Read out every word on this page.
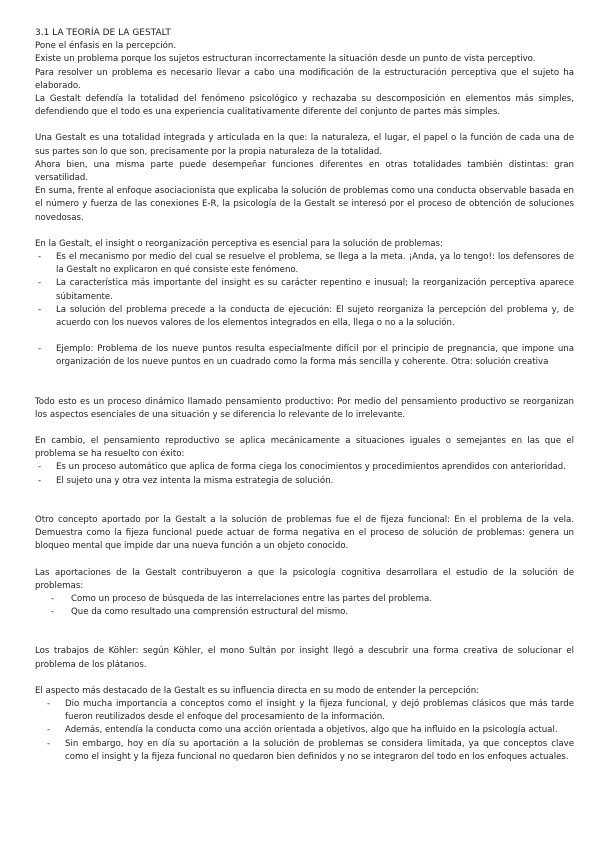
3.1 LA TEORÍA DE LA GESTALT

Pone el énfasis en la percepción.

Existe un problema porque los sujetos estructuran incorrectamente la situación desde un punto de vista perceptivo.

Para resolver un problema es necesario llevar a cabo una modificación de la estructuración perceptiva que el sujeto ha elaborado.

La Gestalt defendía la totalidad del fenómeno psicológico y rechazaba su descomposición en elementos más simples, defendiendo que el todo es una experiencia cualitativamente diferente del conjunto de partes más simples.

Una Gestalt es una totalidad integrada y articulada en la que: la naturaleza, el lugar, el papel o la función de cada una de sus partes son lo que son, precisamente por la propia naturaleza de la totalidad.

Ahora bien, una misma parte puede desempeñar funciones diferentes en otras totalidades también distintas: gran versatilidad.

En suma, frente al enfoque asociacionista que explicaba la solución de problemas como una conducta observable basada en el número y fuerza de las conexiones E-R, la psicología de la Gestalt se interesó por el proceso de obtención de soluciones novedosas.

En la Gestalt, el insight o reorganización perceptiva es esencial para la solución de problemas:

- Es el mecanismo por medio del cual se resuelve el problema, se llega a la meta. ¡Anda, ya lo tengo!: los defensores de la Gestalt no explicaron en qué consiste este fenómeno.
- La característica más importante del insight es su carácter repentino e inusual; la reorganización perceptiva aparece súbitamente.
- La solución del problema precede a la conducta de ejecución: El sujeto reorganiza la percepción del problema y, de acuerdo con los nuevos valores de los elementos integrados en ella, llega o no a la solución.
- Ejemplo: Problema de los nueve puntos resulta especialmente difícil por el principio de pregnancia, que impone una organización de los nueve puntos en un cuadrado como la forma más sencilla y coherente. Otra: solución creativa

Todo esto es un proceso dinámico llamado pensamiento productivo: Por medio del pensamiento productivo se reorganizan los aspectos esenciales de una situación y se diferencia lo relevante de lo irrelevante.

En cambio, el pensamiento reproductivo se aplica mecánicamente a situaciones iguales o semejantes en las que el problema se ha resuelto con éxito:

- Es un proceso automático que aplica de forma ciega los conocimientos y procedimientos aprendidos con anterioridad.
- El sujeto una y otra vez intenta la misma estrategia de solución.

Otro concepto aportado por la Gestalt a la solución de problemas fue el de fijeza funcional: En el problema de la vela. Demuestra como la fijeza funcional puede actuar de forma negativa en el proceso de solución de problemas: genera un bloqueo mental que impide dar una nueva función a un objeto conocido.

Las aportaciones de la Gestalt contribuyeron a que la psicología cognitiva desarrollara el estudio de la solución de problemas:

- Como un proceso de búsqueda de las interrelaciones entre las partes del problema.
- Que da como resultado una comprensión estructural del mismo.

Los trabajos de Köhler: según Köhler, el mono Sultán por insight llegó a descubrir una forma creativa de solucionar el problema de los plátanos.

El aspecto más destacado de la Gestalt es su influencia directa en su modo de entender la percepción:

- Dio mucha importancia a conceptos como el insight y la fijeza funcional, y dejó problemas clásicos que más tarde fueron reutilizados desde el enfoque del procesamiento de la información.
- Además, entendía la conducta como una acción orientada a objetivos, algo que ha influido en la psicología actual.
- Sin embargo, hoy en día su aportación a la solución de problemas se considera limitada, ya que conceptos clave como el insight y la fijeza funcional no quedaron bien definidos y no se integraron del todo en los enfoques actuales.
